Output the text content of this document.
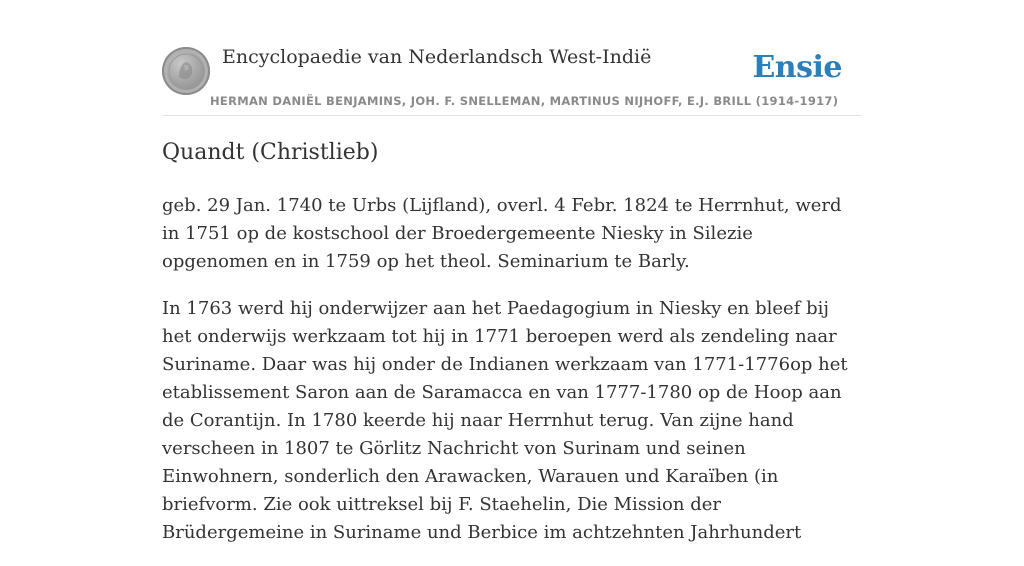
Encyclopaedie van Nederlandsch West-Indië	Ensie
HERMAN DANIËL BENJAMINS, JOH. F. SNELLEMAN, MARTINUS NIJHOFF, E.J. BRILL (1914-1917)
Quandt (Christlieb)

geb. 29 Jan. 1740 te Urbs (Lijfland), overl. 4 Febr. 1824 te Herrnhut, werd in 1751 op de kostschool der Broedergemeente Niesky in Silezie opgenomen en in 1759 op het theol. Seminarium te Barly.

In 1763 werd hij onderwijzer aan het Paedagogium in Niesky en bleef bij het onderwijs werkzaam tot hij in 1771 beroepen werd als zendeling naar Suriname. Daar was hij onder de Indianen werkzaam van 1771-1776op het etablissement Saron aan de Saramacca en van 1777-1780 op de Hoop aan de Corantijn. In 1780 keerde hij naar Herrnhut terug. Van zijne hand verscheen in 1807 te Görlitz Nachricht von Surinam und seinen Einwohnern, sonderlich den Arawacken, Warauen und Karaïben (in briefvorm. Zie ook uittreksel bij F. Staehelin, Die Mission der Brüdergemeine in Suriname und Berbice im achtzehnten Jahrhundert
